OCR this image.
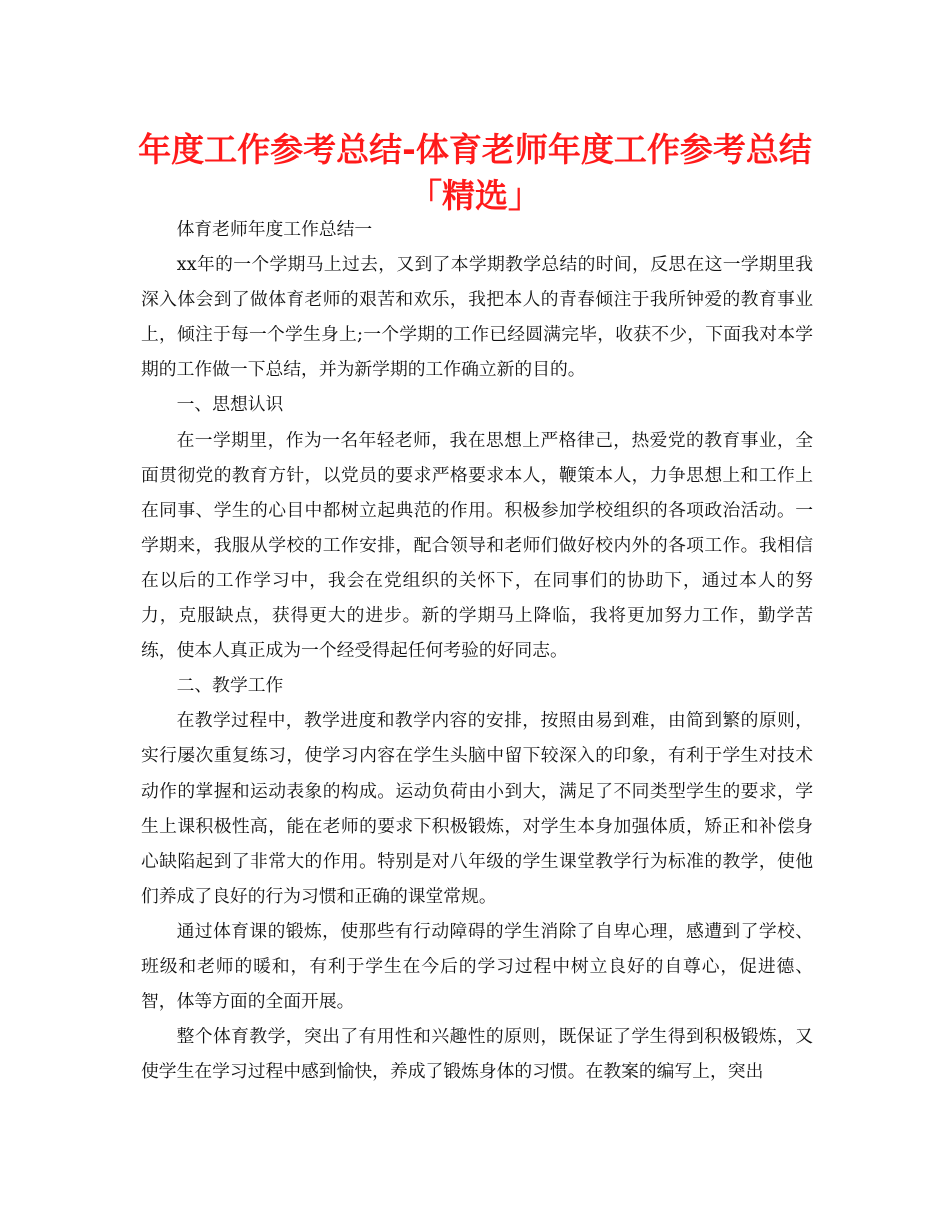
年度工作参考总结-体育老师年度工作参考总结
「精选」

体育老师年度工作总结一

xx年的一个学期马上过去，又到了本学期教学总结的时间，反思在这一学期里我深入体会到了做体育老师的艰苦和欢乐，我把本人的青春倾注于我所钟爱的教育事业上，倾注于每一个学生身上;一个学期的工作已经圆满完毕，收获不少，下面我对本学期的工作做一下总结，并为新学期的工作确立新的目的。

一、思想认识

在一学期里，作为一名年轻老师，我在思想上严格律己，热爱党的教育事业，全面贯彻党的教育方针，以党员的要求严格要求本人，鞭策本人，力争思想上和工作上在同事、学生的心目中都树立起典范的作用。积极参加学校组织的各项政治活动。一学期来，我服从学校的工作安排，配合领导和老师们做好校内外的各项工作。我相信在以后的工作学习中，我会在党组织的关怀下，在同事们的协助下，通过本人的努力，克服缺点，获得更大的进步。新的学期马上降临，我将更加努力工作，勤学苦练，使本人真正成为一个经受得起任何考验的好同志。

二、教学工作

在教学过程中，教学进度和教学内容的安排，按照由易到难，由简到繁的原则，实行屡次重复练习，使学习内容在学生头脑中留下较深入的印象，有利于学生对技术动作的掌握和运动表象的构成。运动负荷由小到大，满足了不同类型学生的要求，学生上课积极性高，能在老师的要求下积极锻炼，对学生本身加强体质，矫正和补偿身心缺陷起到了非常大的作用。特别是对八年级的学生课堂教学行为标准的教学，使他们养成了良好的行为习惯和正确的课堂常规。

通过体育课的锻炼，使那些有行动障碍的学生消除了自卑心理，感遭到了学校、班级和老师的暖和，有利于学生在今后的学习过程中树立良好的自尊心，促进德、智，体等方面的全面开展。

整个体育教学，突出了有用性和兴趣性的原则，既保证了学生得到积极锻炼，又使学生在学习过程中感到愉快，养成了锻炼身体的习惯。在教案的编写上，突出
